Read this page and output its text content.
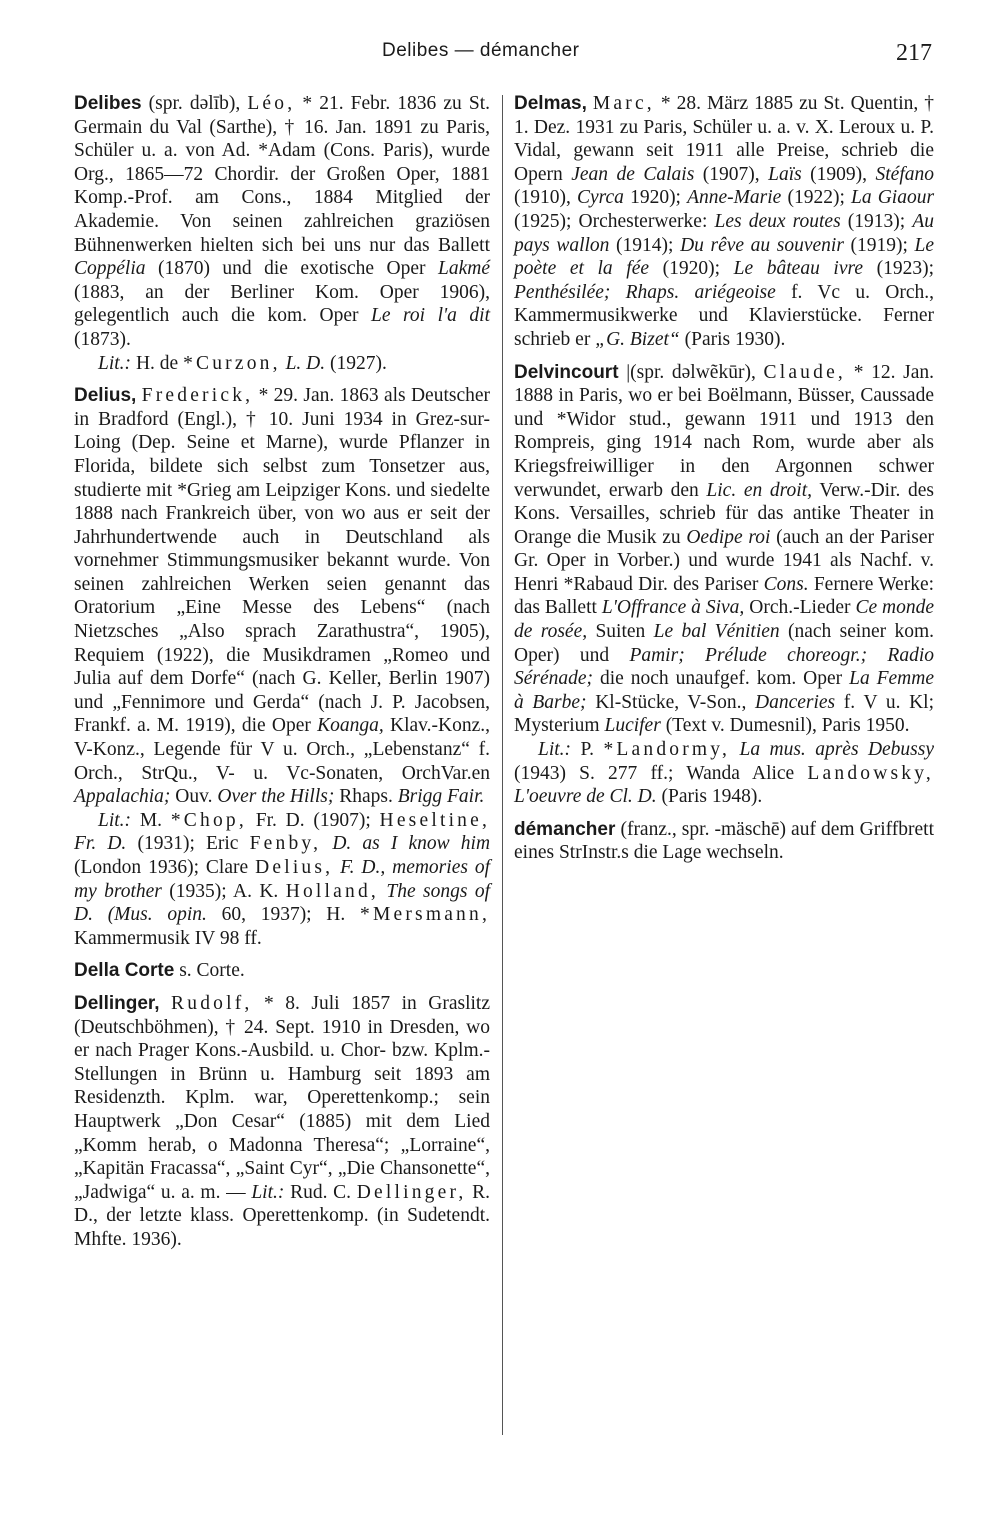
Delibes — démancher	217

Delibes (spr. dəlīb), Léo, * 21. Febr. 1836 zu St. Germain du Val (Sarthe), † 16. Jan. 1891 zu Paris, Schüler u. a. von Ad. *Adam (Cons. Paris), wurde Org., 1865—72 Chordir. der Großen Oper, 1881 Komp.-Prof. am Cons., 1884 Mitglied der Akademie. Von seinen zahlreichen graziösen Bühnenwerken hielten sich bei uns nur das Ballett Coppélia (1870) und die exotische Oper Lakmé (1883, an der Berliner Kom. Oper 1906), gelegentlich auch die kom. Oper Le roi l'a dit (1873).

Lit.: H. de *Curzon, L. D. (1927).

Delius, Frederick, * 29. Jan. 1863 als Deutscher in Bradford (Engl.), † 10. Juni 1934 in Grez-sur-Loing (Dep. Seine et Marne), wurde Pflanzer in Florida, bildete sich selbst zum Tonsetzer aus, studierte mit *Grieg am Leipziger Kons. und siedelte 1888 nach Frankreich über, von wo aus er seit der Jahrhundertwende auch in Deutschland als vornehmer Stimmungsmusiker bekannt wurde. Von seinen zahlreichen Werken seien genannt das Oratorium „Eine Messe des Lebens“ (nach Nietzsches „Also sprach Zarathustra“, 1905), Requiem (1922), die Musikdramen „Romeo und Julia auf dem Dorfe“ (nach G. Keller, Berlin 1907) und „Fennimore und Gerda“ (nach J. P. Jacobsen, Frankf. a. M. 1919), die Oper Koanga, Klav.-Konz., V-Konz., Legende für V u. Orch., „Lebenstanz“ f. Orch., StrQu., V- u. Vc-Sonaten, OrchVar.en Appalachia; Ouv. Over the Hills; Rhaps. Brigg Fair.

Lit.: M. *Chop, Fr. D. (1907); Heseltine, Fr. D. (1931); Eric Fenby, D. as I know him (London 1936); Clare Delius, F. D., memories of my brother (1935); A. K. Holland, The songs of D. (Mus. opin. 60, 1937); H. *Mersmann, Kammermusik IV 98 ff.

Della Corte s. Corte.

Dellinger, Rudolf, * 8. Juli 1857 in Graslitz (Deutschböhmen), † 24. Sept. 1910 in Dresden, wo er nach Prager Kons.-Ausbild. u. Chor- bzw. Kplm.-Stellungen in Brünn u. Hamburg seit 1893 am Residenzth. Kplm. war, Operettenkomp.; sein Hauptwerk „Don Cesar“ (1885) mit dem Lied „Komm herab, o Madonna Theresa“; „Lorraine“, „Kapitän Fracassa“, „Saint Cyr“, „Die Chansonette“, „Jadwiga“ u. a. m. — Lit.: Rud. C. Dellinger, R. D., der letzte klass. Operettenkomp. (in Sudetendt. Mhfte. 1936).

Delmas, Marc, * 28. März 1885 zu St. Quentin, † 1. Dez. 1931 zu Paris, Schüler u. a. v. X. Leroux u. P. Vidal, gewann seit 1911 alle Preise, schrieb die Opern Jean de Calais (1907), Laïs (1909), Stéfano (1910), Cyrca 1920); Anne-Marie (1922); La Giaour (1925); Orchesterwerke: Les deux routes (1913); Au pays wallon (1914); Du rêve au souvenir (1919); Le poète et la fée (1920); Le bâteau ivre (1923); Penthésilée; Rhaps. ariégeoise f. Vc u. Orch., Kammermusikwerke und Klavierstücke. Ferner schrieb er „G. Bizet“ (Paris 1930).

Delvincourt |(spr. dəlwẽkūr), Claude, * 12. Jan. 1888 in Paris, wo er bei Boëlmann, Büsser, Caussade und *Widor stud., gewann 1911 und 1913 den Rompreis, ging 1914 nach Rom, wurde aber als Kriegsfreiwilliger in den Argonnen schwer verwundet, erwarb den Lic. en droit, Verw.-Dir. des Kons. Versailles, schrieb für das antike Theater in Orange die Musik zu Oedipe roi (auch an der Pariser Gr. Oper in Vorber.) und wurde 1941 als Nachf. v. Henri *Rabaud Dir. des Pariser Cons. Fernere Werke: das Ballett L'Offrance à Siva, Orch.-Lieder Ce monde de rosée, Suiten Le bal Vénitien (nach seiner kom. Oper) und Pamir; Prélude choreogr.; Radio Sérénade; die noch unaufgef. kom. Oper La Femme à Barbe; Kl-Stücke, V-Son., Danceries f. V u. Kl; Mysterium Lucifer (Text v. Dumesnil), Paris 1950.

Lit.: P. *Landormy, La mus. après Debussy (1943) S. 277 ff.; Wanda Alice Landowsky, L'oeuvre de Cl. D. (Paris 1948).

démancher (franz., spr. -mäschē) auf dem Griffbrett eines StrInstr.s die Lage wechseln.
